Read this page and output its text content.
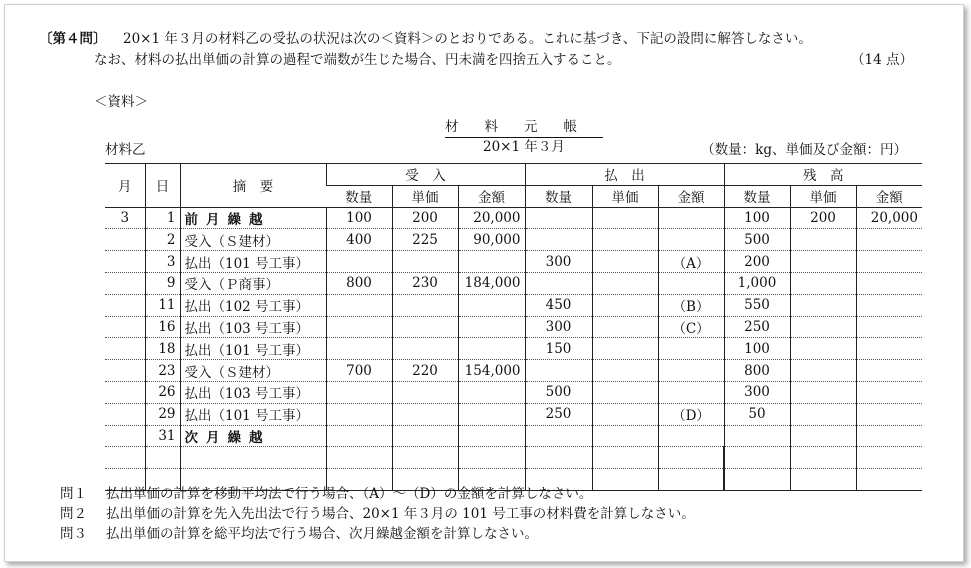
〔第４問〕 20×1 年３月の材料乙の受払の状況は次の＜資料＞のとおりである。これに基づき、下記の設問に解答しなさい。
なお、材料の払出単価の計算の過程で端数が生じた場合、円未満を四捨五入すること。	（14 点）
＜資料＞
材料元帳
20×1 年３月
材料乙	（数量：kg、単価及び金額：円）
月	日	摘　要	受　入			払　出			残　高		
			数量	単価	金額	数量	単価	金額	数量	単価	金額
3	1	前月繰越	100	200	20,000				100	200	20,000
	2	受入（Ｓ建材）	400	225	90,000				500		
	3	払出（101 号工事）				300		（A）	200		
	9	受入（Ｐ商事）	800	230	184,000				1,000		
	11	払出（102 号工事）				450		（B）	550		
	16	払出（103 号工事）				300		（C）	250		
	18	払出（101 号工事）				150			100		
	23	受入（Ｓ建材）	700	220	154,000				800		
	26	払出（103 号工事）				500			300		
	29	払出（101 号工事）				250		（D）	50		
	31	次月繰越									

問１ 払出単価の計算を移動平均法で行う場合、（A）～（D）の金額を計算しなさい。
問２ 払出単価の計算を先入先出法で行う場合、20×1 年３月の 101 号工事の材料費を計算しなさい。
問３ 払出単価の計算を総平均法で行う場合、次月繰越金額を計算しなさい。
